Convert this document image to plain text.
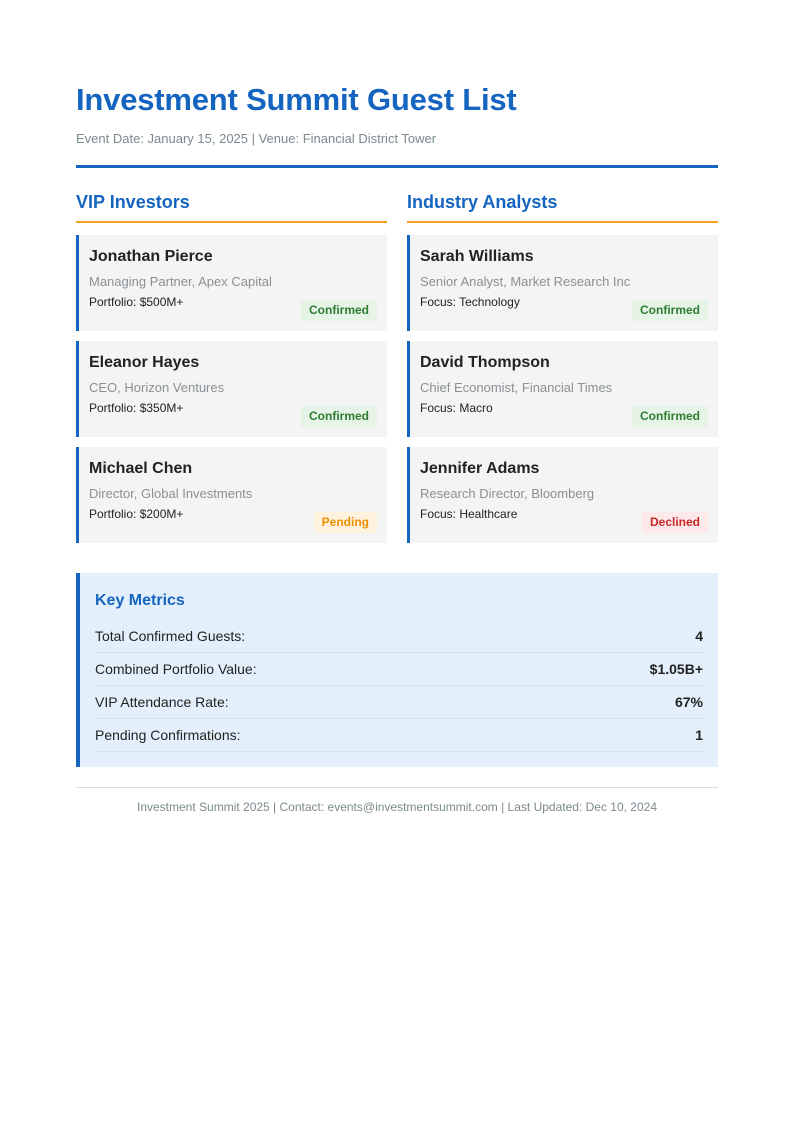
Investment Summit Guest List

Event Date: January 15, 2025 | Venue: Financial District Tower

VIP Investors
Jonathan Pierce
Managing Partner, Apex Capital
Portfolio: $500M+
Confirmed
Eleanor Hayes
CEO, Horizon Ventures
Portfolio: $350M+
Confirmed
Michael Chen
Director, Global Investments
Portfolio: $200M+
Pending
Industry Analysts
Sarah Williams
Senior Analyst, Market Research Inc
Focus: Technology
Confirmed
David Thompson
Chief Economist, Financial Times
Focus: Macro
Confirmed
Jennifer Adams
Research Director, Bloomberg
Focus: Healthcare
Declined
Key Metrics
Total Confirmed Guests:	4
Combined Portfolio Value:	$1.05B+
VIP Attendance Rate:	67%
Pending Confirmations:	1
Investment Summit 2025 | Contact: events@investmentsummit.com | Last Updated: Dec 10, 2024
